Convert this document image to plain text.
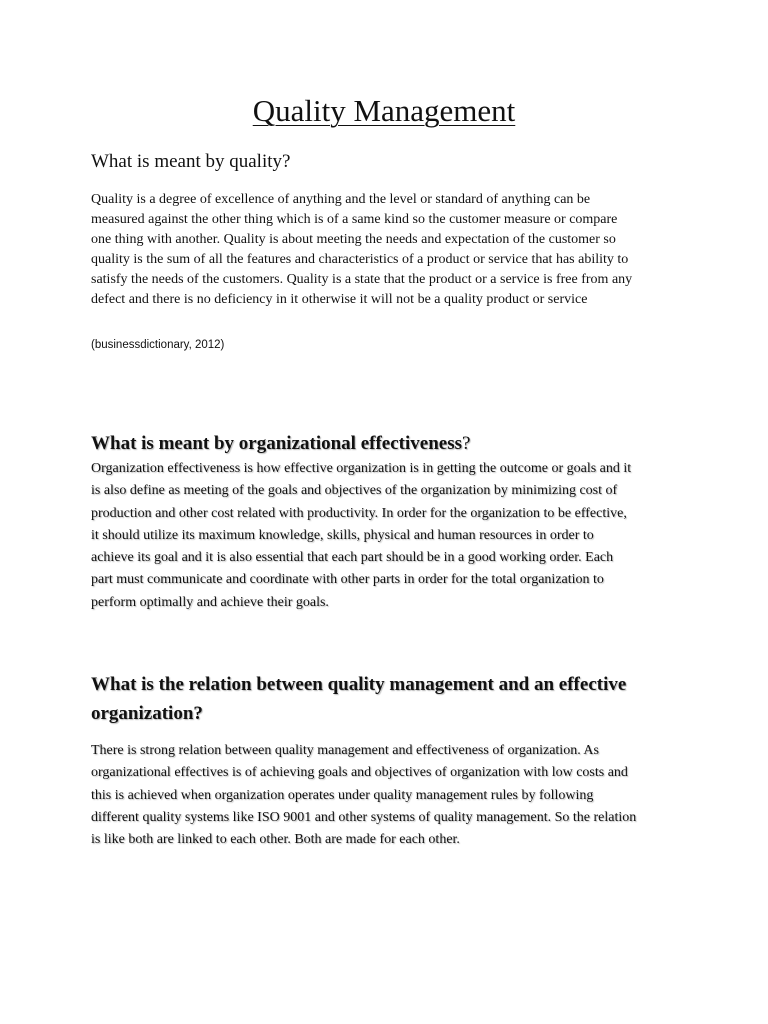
Quality Management
What is meant by quality?

Quality is a degree of excellence of anything and the level or standard of anything can be
measured against the other thing which is of a same kind so the customer measure or compare
one thing with another. Quality is about meeting the needs and expectation of the customer so
quality is the sum of all the features and characteristics of a product or service that has ability to
satisfy the needs of the customers. Quality is a state that the product or a service is free from any
defect and there is no deficiency in it otherwise it will not be a quality product or service

(businessdictionary, 2012)

What is meant by organizational effectiveness?

Organization effectiveness is how effective organization is in getting the outcome or goals and it
is also define as meeting of the goals and objectives of the organization by minimizing cost of
production and other cost related with productivity. In order for the organization to be effective,
it should utilize its maximum knowledge, skills, physical and human resources in order to
achieve its goal and it is also essential that each part should be in a good working order. Each
part must communicate and coordinate with other parts in order for the total organization to
perform optimally and achieve their goals.

What is the relation between quality management and an effective
organization?

There is strong relation between quality management and effectiveness of organization. As
organizational effectives is of achieving goals and objectives of organization with low costs and
this is achieved when organization operates under quality management rules by following
different quality systems like ISO 9001 and other systems of quality management. So the relation
is like both are linked to each other. Both are made for each other.
